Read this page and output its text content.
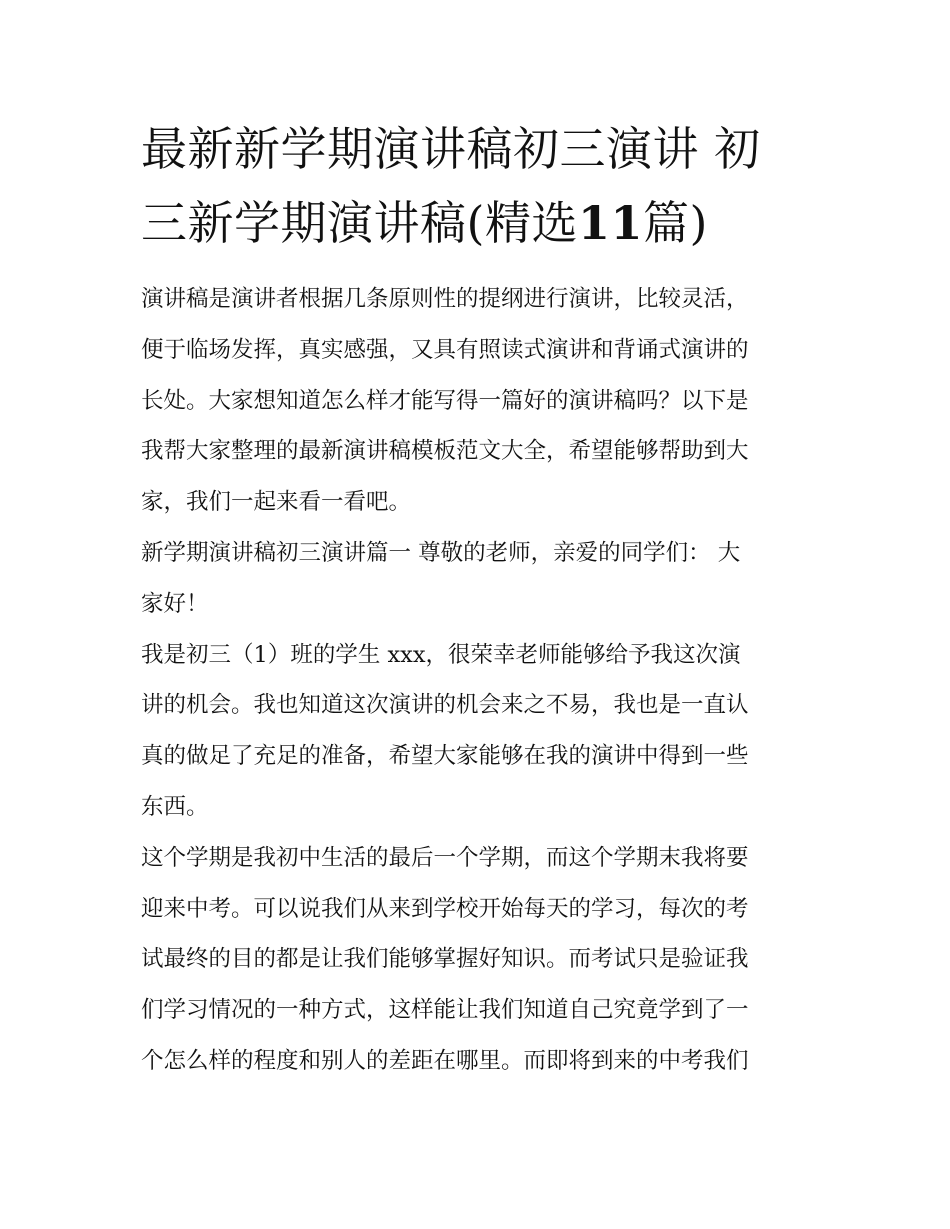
最新新学期演讲稿初三演讲 初
三新学期演讲稿(精选11篇)

演讲稿是演讲者根据几条原则性的提纲进行演讲，比较灵活，
便于临场发挥，真实感强，又具有照读式演讲和背诵式演讲的
长处。大家想知道怎么样才能写得一篇好的演讲稿吗？以下是
我帮大家整理的最新演讲稿模板范文大全，希望能够帮助到大
家，我们一起来看一看吧。

新学期演讲稿初三演讲篇一 尊敬的老师，亲爱的同学们： 大
家好！

我是初三（1）班的学生 xxx，很荣幸老师能够给予我这次演
讲的机会。我也知道这次演讲的机会来之不易，我也是一直认
真的做足了充足的准备，希望大家能够在我的演讲中得到一些
东西。

这个学期是我初中生活的最后一个学期，而这个学期末我将要
迎来中考。可以说我们从来到学校开始每天的学习，每次的考
试最终的目的都是让我们能够掌握好知识。而考试只是验证我
们学习情况的一种方式，这样能让我们知道自己究竟学到了一
个怎么样的程度和别人的差距在哪里。而即将到来的中考我们
